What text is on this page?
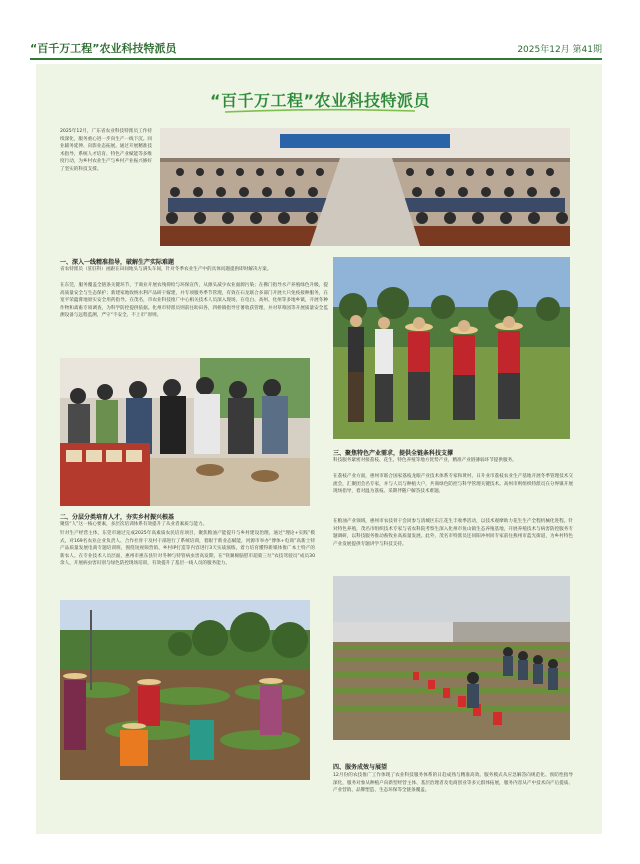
“百千万工程”农业科技特派员	2025年12月 第41期
“百千万工程”农业科技特派员
2025年12月，广东省农业科技特派员工作持续深化，服务重心进一步向生产一线下沉。同业辅务延伸、向影业态拓展。通过开展精准技术指导、系统人才培育、特色产业赋能等多维度行动，为乡村农业生产与乡村产业振兴修好了坚实的科技支撑。
一、深入一线精准指导，破解生产实际难题
省农特派员（驻驻科）函跟在田间地头与满头车间，针对冬季农业生产中的具体问题提供即时解决方案。
在东莞，服务覆盖全链条关键环节，于商业开展农残抑检与环保宣传，从源头减少农业面源污染；在佛门指导水产养殖绿色升级，提高质量安全与生态保护；新建家地收纳水利产品研干嫁建，并专项服务季节管理，有效在石龙联合多部门开展大只免疫接种服务，在宽平荣蕴膏地原实安全用药指导。在茂名，市农业科技推广中心相关技术人员深入现场，在电白、高州、化州等多地乡镇，开展冬种作物和禽畜专项调查，为科学防控提供依据。化州市特派员则前往助田各，四桥镇指导甘薯收获管理，并对草莓园等开展质量安全监测设备与远程监测，严守“不安全、不上市”原则。
二、分层分类培育人才，夯实乡村振兴根基
聚焦“人”这一核心要素，多层次培训体系有效提升了从业者素质与能力。
针对生产经营主体，东莞市通过完成2025年高素质农民培育项目，聚焦粮油产能提升与乡村建设治理，通过“理论+实践”模式，对169名农业企业负责人、合作社骨干及村干部进行了系统培训，着眼于新业态赋能，河源市举办“博体+电商”高新土特产品质量发展电商专题培训班，围绕短视频营销、乡村IP打造等内容进行3天实战演练，着力培育懂得新媒体推广本土特产的新农人。在专业技术人员层面，惠州市惠东县针对冬种与特管病虫害高发期，在“铁翼棉脑慰市超骑三垃”农技驾驶员”成员30余人，开展病虫害识别与绿色防控现场培训，有效提升了基层一线人员的服务能力。
三、聚焦特色产业需求，提供全链条科技支撑
科技服务紧密对接荔枝、花生、特色养殖等地方优势产业，精准产业链薄弱环节提供服务。
在荔枝产业方面，惠州市联合国家荔枝龙眼产业技术体系专家和黄村、日升业市荔枝农业生产基地开展冬季管理技术交流会，汇聚团会名专家，并与人员与种植大户，共商绿色防控与科学管理关键技术。高州市则组织特派员在分界镇开展现场指导，着对温为荔枝、采期伴随户解答技术难题。
在粮油产业领域，惠州市农技骨干会同参与清城区东江花生丰收季活动，以技术观摩助力花生生产全程机械化进程。针对特色养殖，茂名市组织技术专家与省农科院考察生深入化州市鱼山镇生态养殖基地，开展养殖技术与病害防控服务专题调研，以科技服务推动畜牧业高质量发展。此外，茂名市特派员还同阳冲州同专家前往燕州市蓝光街道，为乡村特色产业发展提供专题讲学与科技支持。
四、服务成效与展望
12月份的农技推广工作体现了农业科技服务体系的日趋成熟与精准高效。服务模式从应急解答向规范化、预防性指导深化，服务对象从种植户向新型经营主体、基层治理者及电商创业等多元群体拓展，服务内容从产中技术向产后提质、产业营销、品牌塑造、生态环保等全链条覆盖。
